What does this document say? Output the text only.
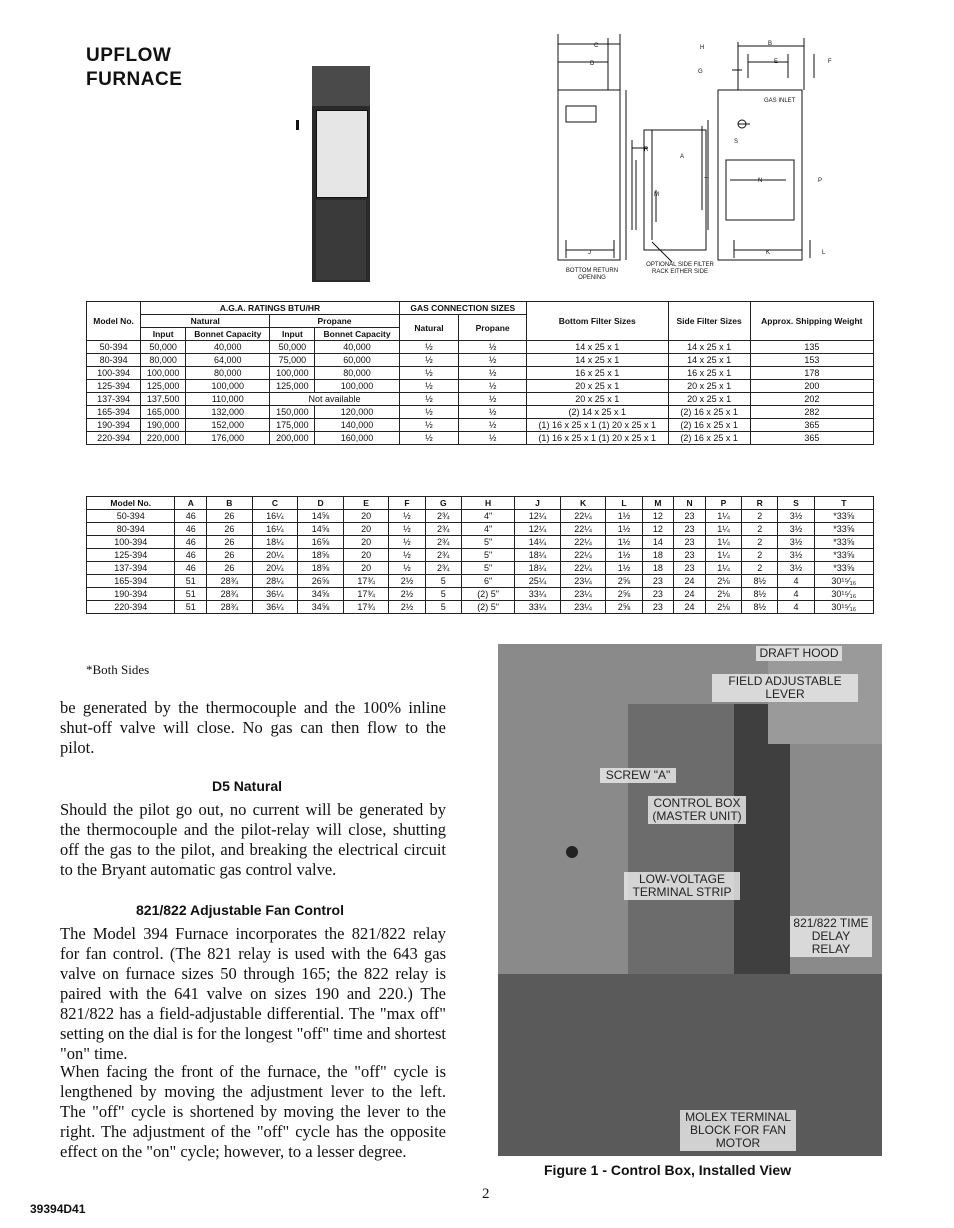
UPFLOW
FURNACE
C
D
H
B
G
E	F
GAS INLET
S
A
R
N	P
M
T
J	K	L
BOTTOM RETURN OPENING
OPTIONAL SIDE FILTER RACK EITHER SIDE
Model No.	A.G.A. RATINGS BTU/HR				GAS CONNECTION SIZES		Bottom Filter Sizes	Side Filter Sizes	Approx. Shipping Weight
	Natural		Propane		Natural	Propane			
	Input	Bonnet Capacity	Input	Bonnet Capacity					
50-394	50,000	40,000	50,000	40,000	½	½	14 x 25 x 1	14 x 25 x 1	135
80-394	80,000	64,000	75,000	60,000	½	½	14 x 25 x 1	14 x 25 x 1	153
100-394	100,000	80,000	100,000	80,000	½	½	16 x 25 x 1	16 x 25 x 1	178
125-394	125,000	100,000	125,000	100,000	½	½	20 x 25 x 1	20 x 25 x 1	200
137-394	137,500	110,000	Not available		½	½	20 x 25 x 1	20 x 25 x 1	202
165-394	165,000	132,000	150,000	120,000	½	½	(2) 14 x 25 x 1	(2) 16 x 25 x 1	282
190-394	190,000	152,000	175,000	140,000	½	½	(1) 16 x 25 x 1 (1) 20 x 25 x 1	(2) 16 x 25 x 1	365
220-394	220,000	176,000	200,000	160,000	½	½	(1) 16 x 25 x 1 (1) 20 x 25 x 1	(2) 16 x 25 x 1	365
Model No.	A	B	C	D	E	F	G	H	J	K	L	M	N	P	R	S	T
50-394	46	26	16¼	14⅝	20	½	2¾	4"	12¼	22¼	1½	12	23	1¼	2	3½	*33⅝
80-394	46	26	16¼	14⅝	20	½	2¾	4"	12¼	22¼	1½	12	23	1¼	2	3½	*33⅝
100-394	46	26	18¼	16⅝	20	½	2¾	5"	14¼	22¼	1½	14	23	1¼	2	3½	*33⅝
125-394	46	26	20¼	18⅝	20	½	2¾	5"	18¼	22¼	1½	18	23	1¼	2	3½	*33⅝
137-394	46	26	20¼	18⅝	20	½	2¾	5"	18¼	22¼	1½	18	23	1¼	2	3½	*33⅝
165-394	51	28¾	28¼	26⅝	17¾	2½	5	6"	25¼	23¼	2⅝	23	24	2⅛	8½	4	30¹⁵⁄₁₆
190-394	51	28¾	36¼	34⅝	17¾	2½	5	(2) 5"	33¼	23¼	2⅝	23	24	2⅛	8½	4	30¹⁵⁄₁₆
220-394	51	28¾	36¼	34⅝	17¾	2½	5	(2) 5"	33¼	23¼	2⅝	23	24	2⅛	8½	4	30¹⁵⁄₁₆
*Both Sides
be generated by the thermocouple and the 100% inline shut-off valve will close. No gas can then flow to the pilot.
D5 Natural
Should the pilot go out, no current will be generated by the thermocouple and the pilot-relay will close, shutting off the gas to the pilot, and breaking the electrical circuit to the Bryant automatic gas control valve.
821/822 Adjustable Fan Control
The Model 394 Furnace incorporates the 821/822 relay for fan control. (The 821 relay is used with the 643 gas valve on furnace sizes 50 through 165; the 822 relay is paired with the 641 valve on sizes 190 and 220.) The 821/822 has a field-adjustable differential. The "max off" setting on the dial is for the longest "off" time and shortest "on" time.
When facing the front of the furnace, the "off" cycle is lengthened by moving the adjustment lever to the left. The "off" cycle is shortened by moving the lever to the right. The adjustment of the "off" cycle has the opposite effect on the "on" cycle; however, to a lesser degree.
DRAFT HOOD
FIELD ADJUSTABLE LEVER
SCREW "A"
CONTROL BOX (MASTER UNIT)
LOW-VOLTAGE TERMINAL STRIP
821/822 TIME DELAY RELAY
MOLEX TERMINAL BLOCK FOR FAN MOTOR
Figure 1 - Control Box, Installed View
2
39394D41
